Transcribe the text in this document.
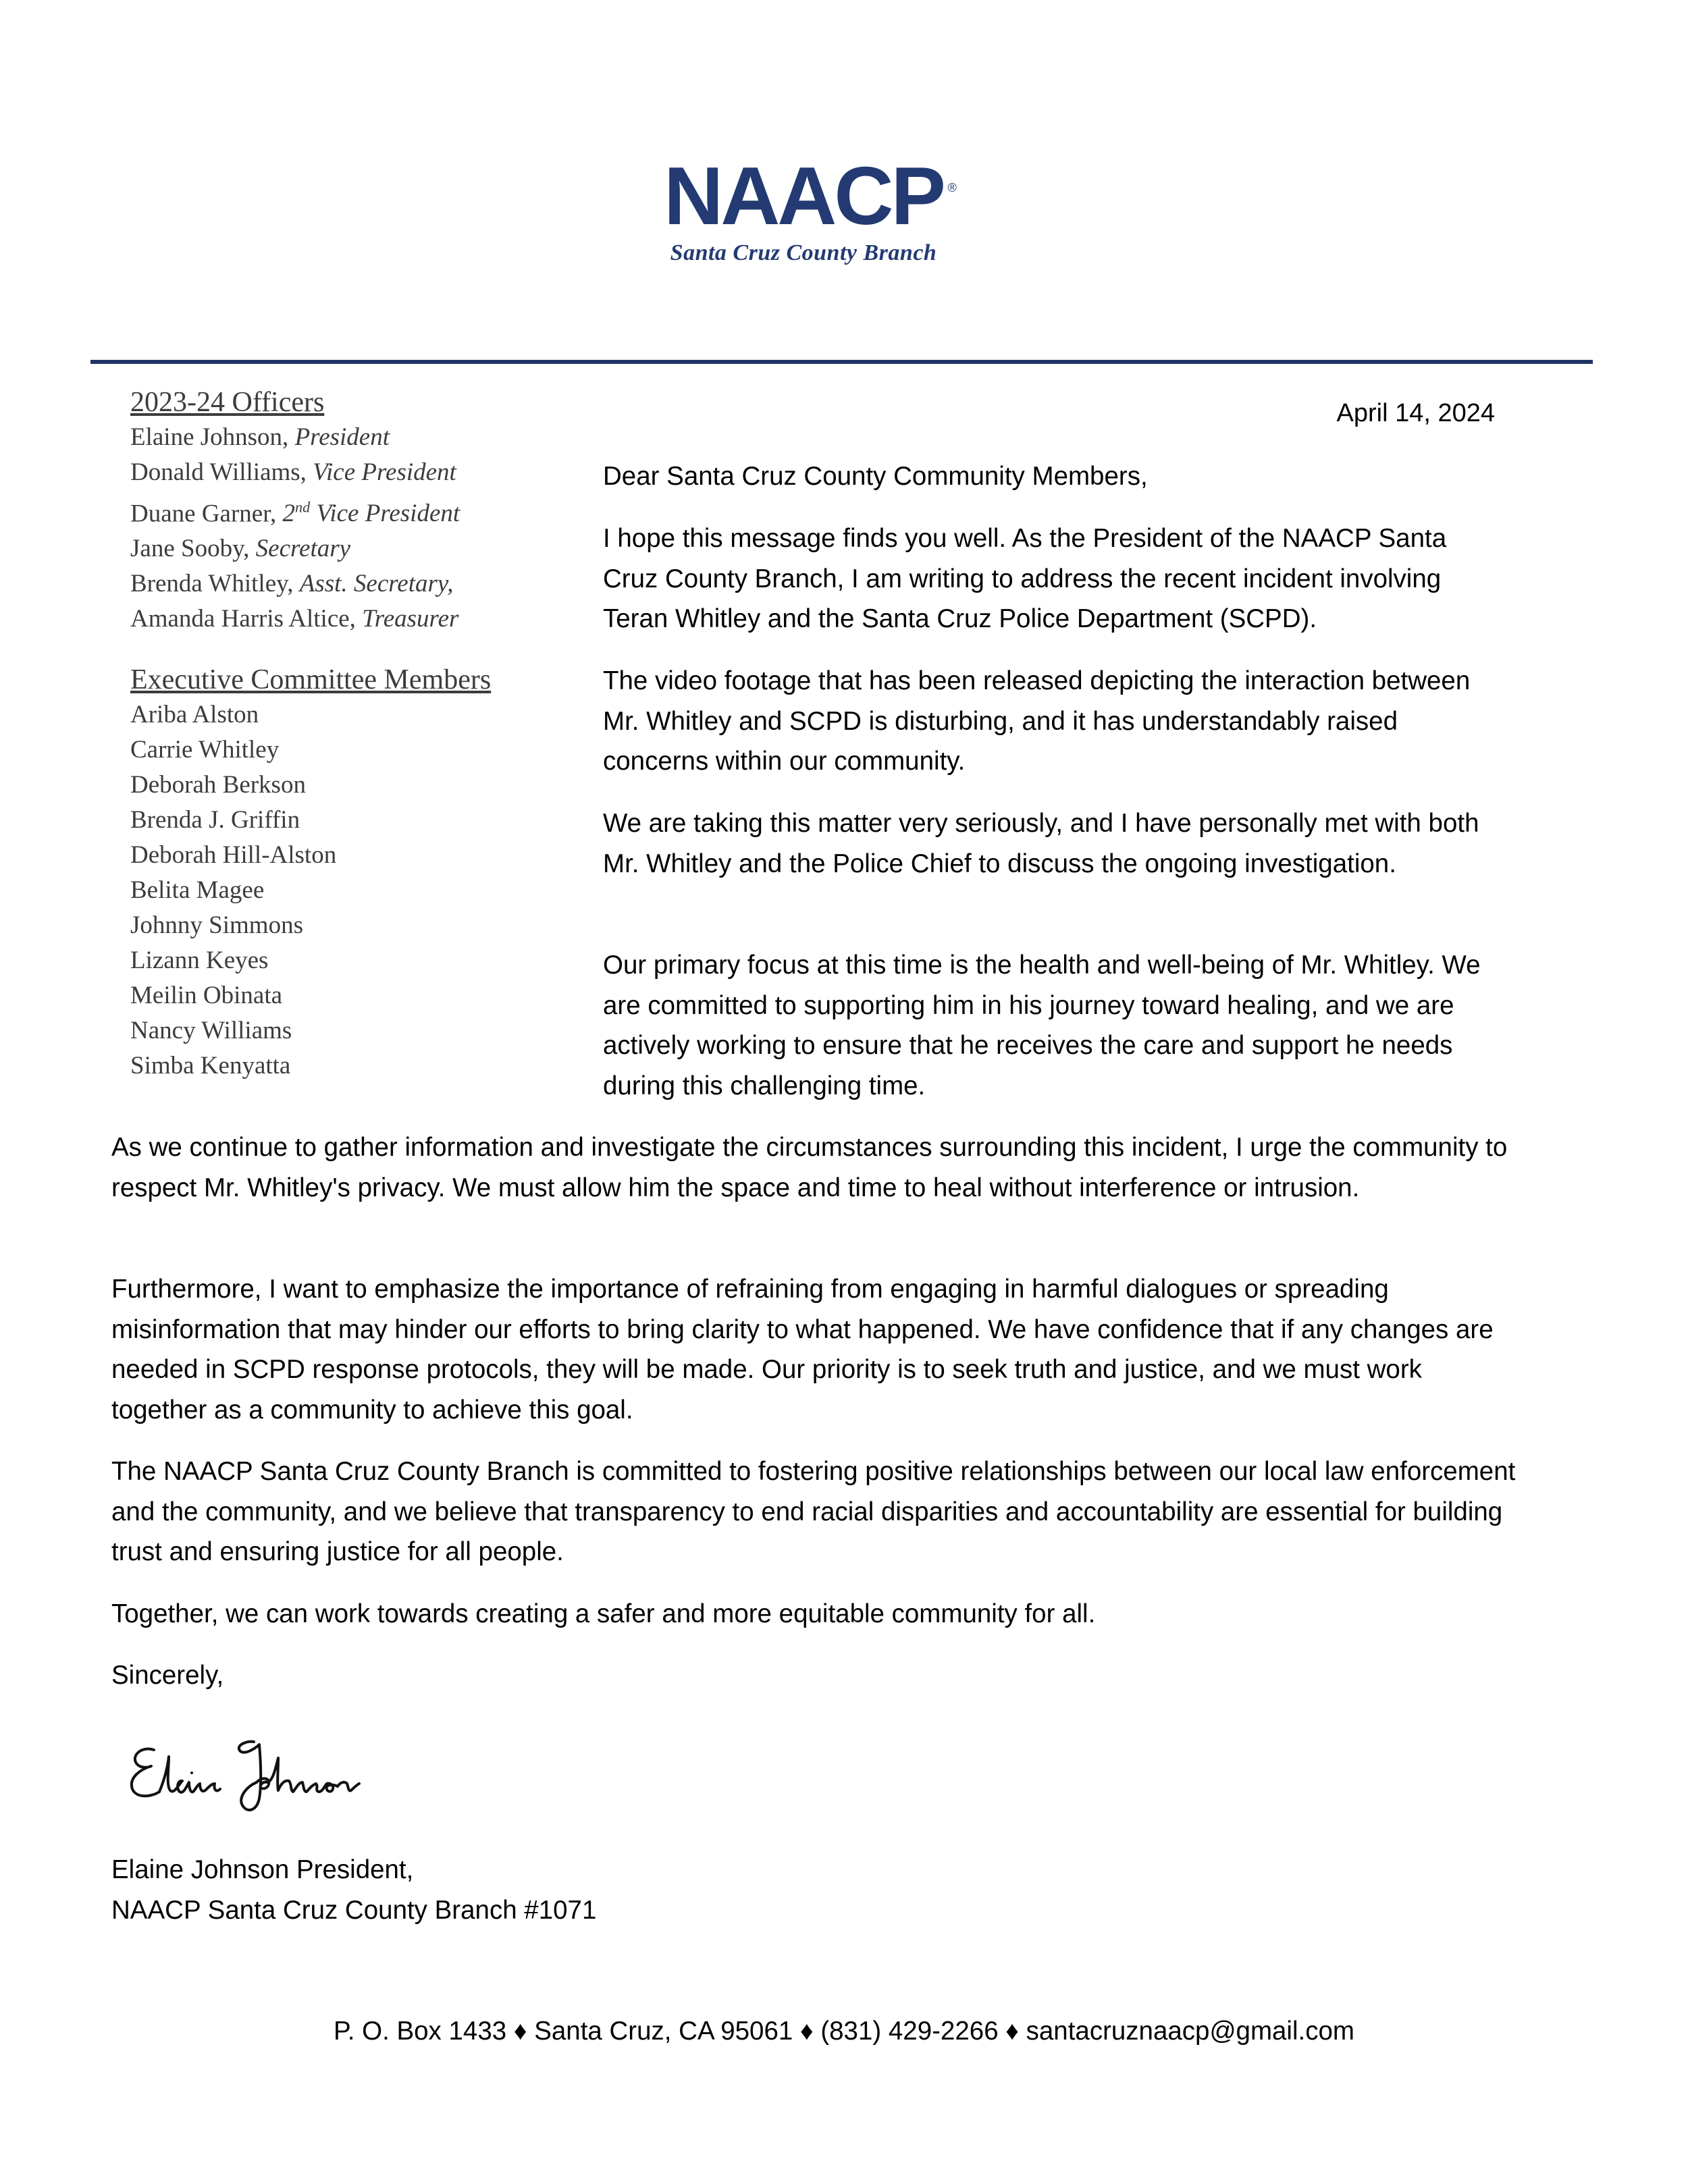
NAACP ®
Santa Cruz County Branch
2023-24 Officers
Elaine Johnson, President
Donald Williams, Vice President
Duane Garner, 2nd Vice President
Jane Sooby, Secretary
Brenda Whitley, Asst. Secretary,
Amanda Harris Altice, Treasurer
Executive Committee Members
Ariba Alston
Carrie Whitley
Deborah Berkson
Brenda J. Griffin
Deborah Hill-Alston
Belita Magee
Johnny Simmons
Lizann Keyes
Meilin Obinata
Nancy Williams
Simba Kenyatta
April 14, 2024

Dear Santa Cruz County Community Members,

I hope this message finds you well. As the President of the NAACP Santa Cruz County Branch, I am writing to address the recent incident involving Teran Whitley and the Santa Cruz Police Department (SCPD).

The video footage that has been released depicting the interaction between Mr. Whitley and SCPD is disturbing, and it has understandably raised concerns within our community.

We are taking this matter very seriously, and I have personally met with both Mr. Whitley and the Police Chief to discuss the ongoing investigation.

Our primary focus at this time is the health and well-being of Mr. Whitley. We are committed to supporting him in his journey toward healing, and we are actively working to ensure that he receives the care and support he needs during this challenging time.

As we continue to gather information and investigate the circumstances surrounding this incident, I urge the community to respect Mr. Whitley's privacy. We must allow him the space and time to heal without interference or intrusion.

Furthermore, I want to emphasize the importance of refraining from engaging in harmful dialogues or spreading misinformation that may hinder our efforts to bring clarity to what happened. We have confidence that if any changes are needed in SCPD response protocols, they will be made. Our priority is to seek truth and justice, and we must work together as a community to achieve this goal.

The NAACP Santa Cruz County Branch is committed to fostering positive relationships between our local law enforcement and the community, and we believe that transparency to end racial disparities and accountability are essential for building trust and ensuring justice for all people.

Together, we can work towards creating a safer and more equitable community for all.

Sincerely,

Elaine Johnson President,

NAACP Santa Cruz County Branch #1071

P. O. Box 1433 ♦ Santa Cruz, CA 95061 ♦ (831) 429-2266 ♦ santacruznaacp@gmail.com
